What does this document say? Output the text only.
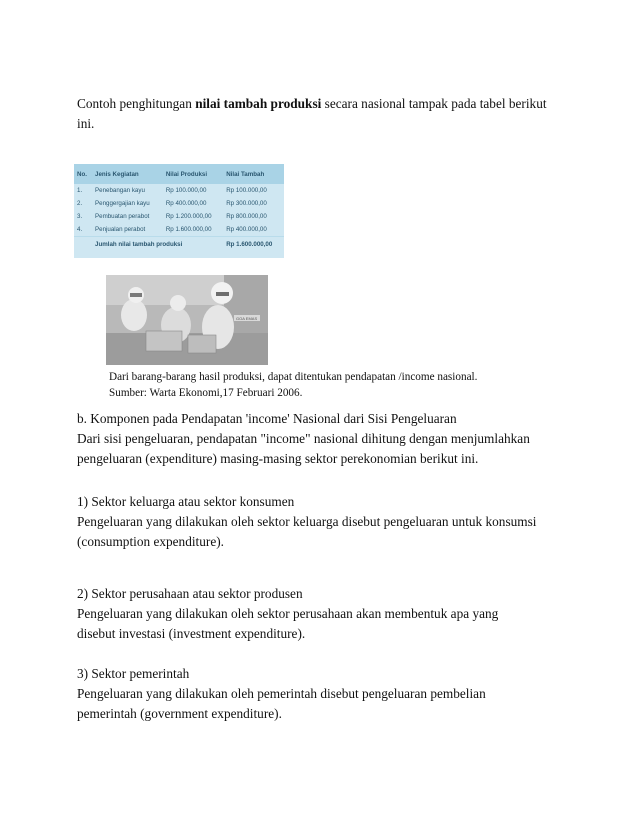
Contoh penghitungan nilai tambah produksi secara nasional tampak pada tabel berikut ini.

No.	Jenis Kegiatan	Nilai Produksi	Nilai Tambah
1.	Penebangan kayu	Rp 100.000,00	Rp 100.000,00
2.	Penggergajian kayu	Rp 400.000,00	Rp 300.000,00
3.	Pembuatan perabot	Rp 1.200.000,00	Rp 800.000,00
4.	Penjualan perabot	Rp 1.600.000,00	Rp 400.000,00
	Jumlah nilai tambah produksi		Rp 1.600.000,00
GOA EMAS

Dari barang-barang hasil produksi, dapat ditentukan pendapatan /income nasional.

Sumber: Warta Ekonomi,17 Februari 2006.

b. Komponen pada Pendapatan 'income' Nasional dari Sisi Pengeluaran

Dari sisi pengeluaran, pendapatan "income" nasional dihitung dengan menjumlahkan

pengeluaran (expenditure) masing-masing sektor perekonomian berikut ini.

1) Sektor keluarga atau sektor konsumen

Pengeluaran yang dilakukan oleh sektor keluarga disebut pengeluaran untuk konsumsi

(consumption expenditure).

2) Sektor perusahaan atau sektor produsen

Pengeluaran yang dilakukan oleh sektor perusahaan akan membentuk apa yang

disebut investasi (investment expenditure).

3) Sektor pemerintah

Pengeluaran yang dilakukan oleh pemerintah disebut pengeluaran pembelian

pemerintah (government expenditure).
